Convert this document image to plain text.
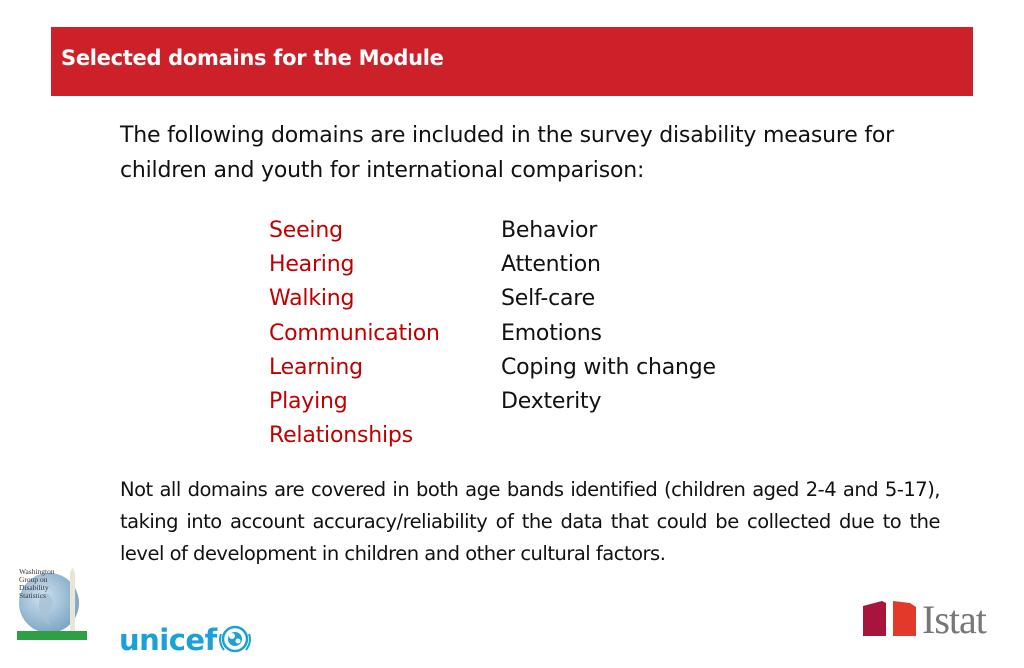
Selected domains for the Module
The following domains are included in the survey disability measure for children and youth for international comparison:
Seeing
Hearing
Walking
Communication
Learning
Playing
Relationships
Behavior
Attention
Self-care
Emotions
Coping with change
Dexterity
Not all domains are covered in both age bands identified (children aged 2-4 and 5-17), taking into account accuracy/reliability of the data that could be collected due to the level of development in children and other cultural factors.
Washington
Group on
Disability
Statistics
unicef	Istat
